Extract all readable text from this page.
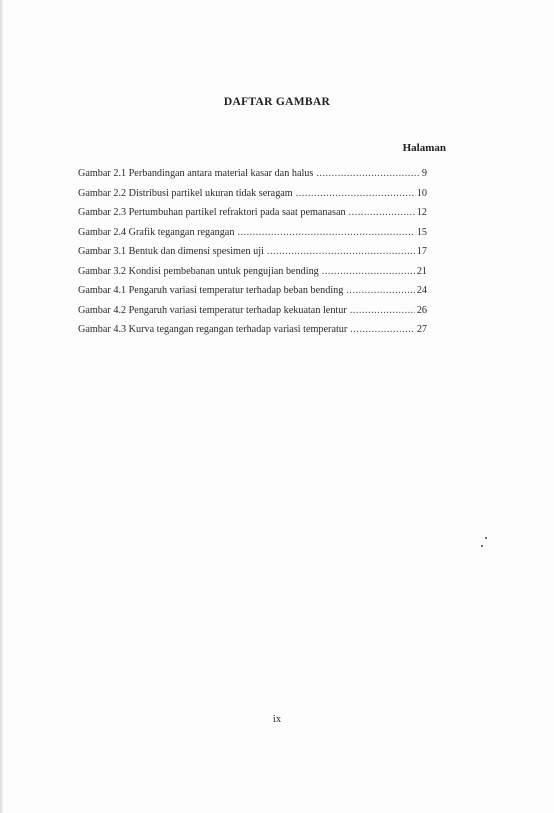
DAFTAR GAMBAR
Halaman
Gambar 2.1 Perbandingan antara material kasar dan halus .....	9
Gambar 2.2 Distribusi partikel ukuran tidak seragam .....	10
Gambar 2.3 Pertumbuhan partikel refraktori pada saat pemanasan .....	12
Gambar 2.4 Grafik tegangan regangan .....	15
Gambar 3.1 Bentuk dan dimensi spesimen uji .....	17
Gambar 3.2 Kondisi pembebanan untuk pengujian bending .....	21
Gambar 4.1 Pengaruh variasi temperatur terhadap beban bending .....	24
Gambar 4.2 Pengaruh variasi temperatur terhadap kekuatan lentur .....	26
Gambar 4.3 Kurva tegangan regangan terhadap variasi temperatur .....	27
ix
